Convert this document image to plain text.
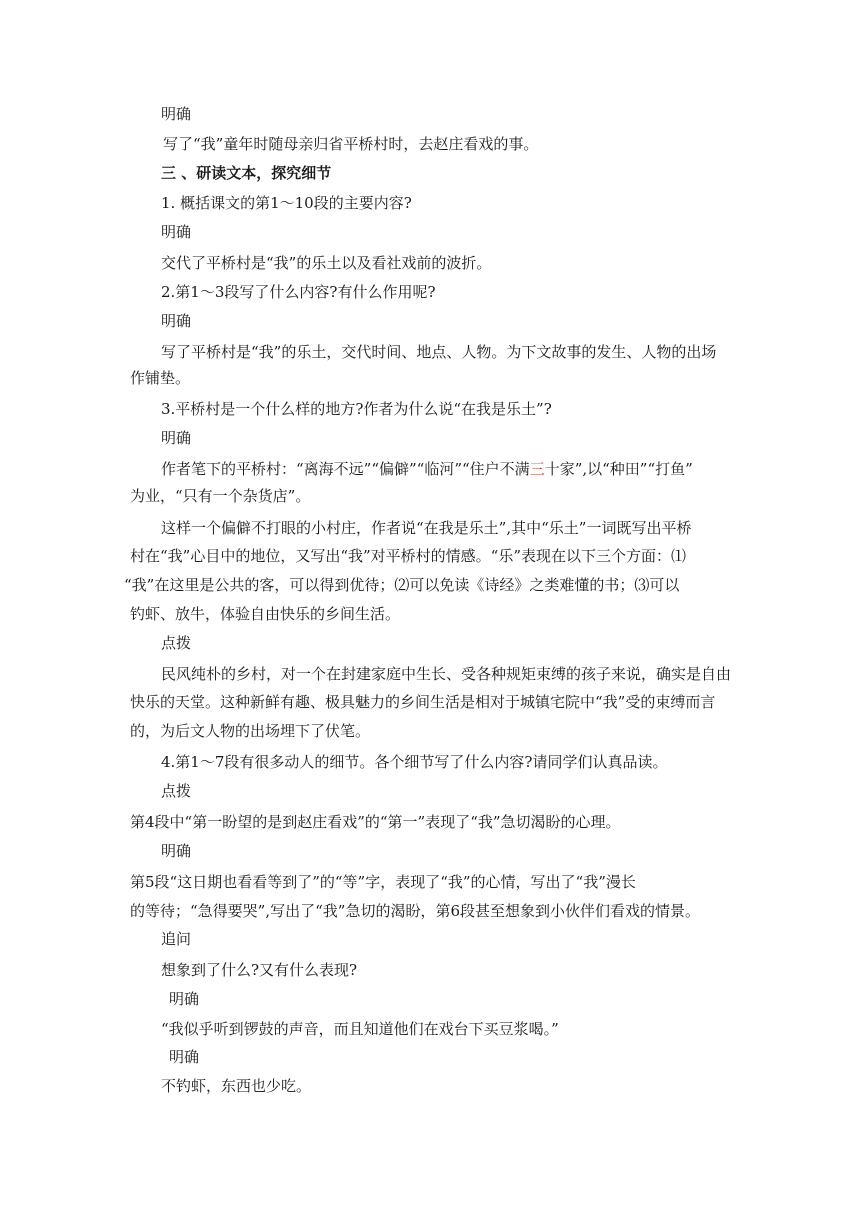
明确
写了“我”童年时随母亲归省平桥村时，去赵庄看戏的事。
三 、研读文本，探究细节
1. 概括课文的第1～10段的主要内容?
明确
交代了平桥村是“我”的乐土以及看社戏前的波折。
2.第1～3段写了什么内容?有什么作用呢?
明确
写了平桥村是“我”的乐土，交代时间、地点、人物。为下文故事的发生、人物的出场
作铺垫。
3.平桥村是一个什么样的地方?作者为什么说“在我是乐土”?
明确
作者笔下的平桥村：“离海不远”“偏僻”“临河”“住户不满三十家”,以“种田”“打鱼”
为业，“只有一个杂货店”。
这样一个偏僻不打眼的小村庄，作者说“在我是乐土”,其中“乐土”一词既写出平桥
村在“我”心目中的地位，又写出“我”对平桥村的情感。“乐”表现在以下三个方面：⑴
“我”在这里是公共的客，可以得到优待；⑵可以免读《诗经》之类难懂的书；⑶可以
钓虾、放牛，体验自由快乐的乡间生活。
点拨
民风纯朴的乡村，对一个在封建家庭中生长、受各种规矩束缚的孩子来说，确实是自由
快乐的天堂。这种新鲜有趣、极具魅力的乡间生活是相对于城镇宅院中“我”受的束缚而言
的，为后文人物的出场埋下了伏笔。
4.第1～7段有很多动人的细节。各个细节写了什么内容?请同学们认真品读。
点拨
第4段中“第一盼望的是到赵庄看戏”的“第一”表现了“我”急切渴盼的心理。
明确
第5段“这日期也看看等到了”的“等”字，表现了“我”的心情，写出了“我”漫长
的等待；“急得要哭”,写出了“我”急切的渴盼，第6段甚至想象到小伙伴们看戏的情景。
追问
想象到了什么?又有什么表现?
明确
“我似乎听到锣鼓的声音，而且知道他们在戏台下买豆浆喝。”
明确
不钓虾，东西也少吃。
